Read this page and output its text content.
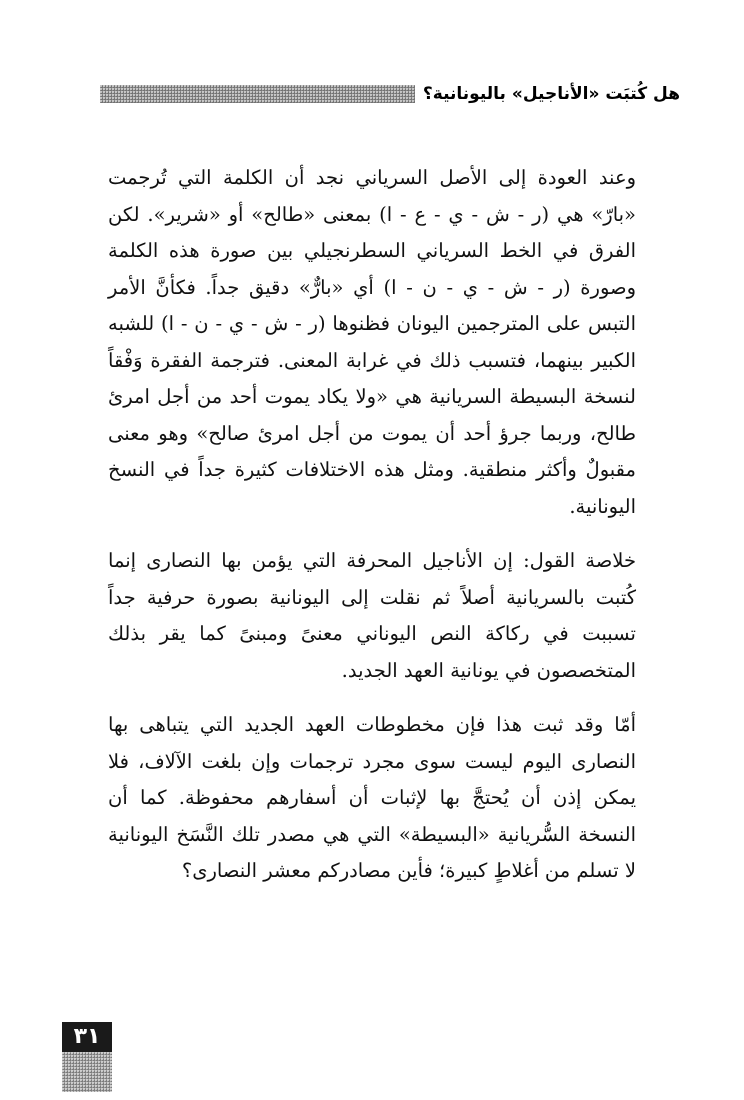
هل كُتبَت «الأناجيل» باليونانية؟

وعند العودة إلى الأصل السرياني نجد أن الكلمة التي تُرجمت «بارّ» هي (ر - ش - ي - ع - ا) بمعنى «طالح» أو «شرير». لكن الفرق في الخط السرياني السطرنجيلي بين صورة هذه الكلمة وصورة (ر - ش - ي - ن - ا) أي «بارٌّ» دقيق جداً. فكأنَّ الأمر التبس على المترجمين اليونان فظنوها (ر - ش - ي - ن - ا) للشبه الكبير بينهما، فتسبب ذلك في غرابة المعنى. فترجمة الفقرة وَفْقاً لنسخة البسيطة السريانية هي «ولا يكاد يموت أحد من أجل امرئ طالح، وربما جرؤ أحد أن يموت من أجل امرئ صالح» وهو معنى مقبولٌ وأكثر منطقية. ومثل هذه الاختلافات كثيرة جداً في النسخ اليونانية.

خلاصة القول: إن الأناجيل المحرفة التي يؤمن بها النصارى إنما كُتبت بالسريانية أصلاً ثم نقلت إلى اليونانية بصورة حرفية جداً تسببت في ركاكة النص اليوناني معنىً ومبنىً كما يقر بذلك المتخصصون في يونانية العهد الجديد.

أمّا وقد ثبت هذا فإن مخطوطات العهد الجديد التي يتباهى بها النصارى اليوم ليست سوى مجرد ترجمات وإن بلغت الآلاف، فلا يمكن إذن أن يُحتجَّ بها لإثبات أن أسفارهم محفوظة. كما أن النسخة السُّريانية «البسيطة» التي هي مصدر تلك النَّسَخ اليونانية لا تسلم من أغلاطٍ كبيرة؛ فأين مصادركم معشر النصارى؟

٣١
